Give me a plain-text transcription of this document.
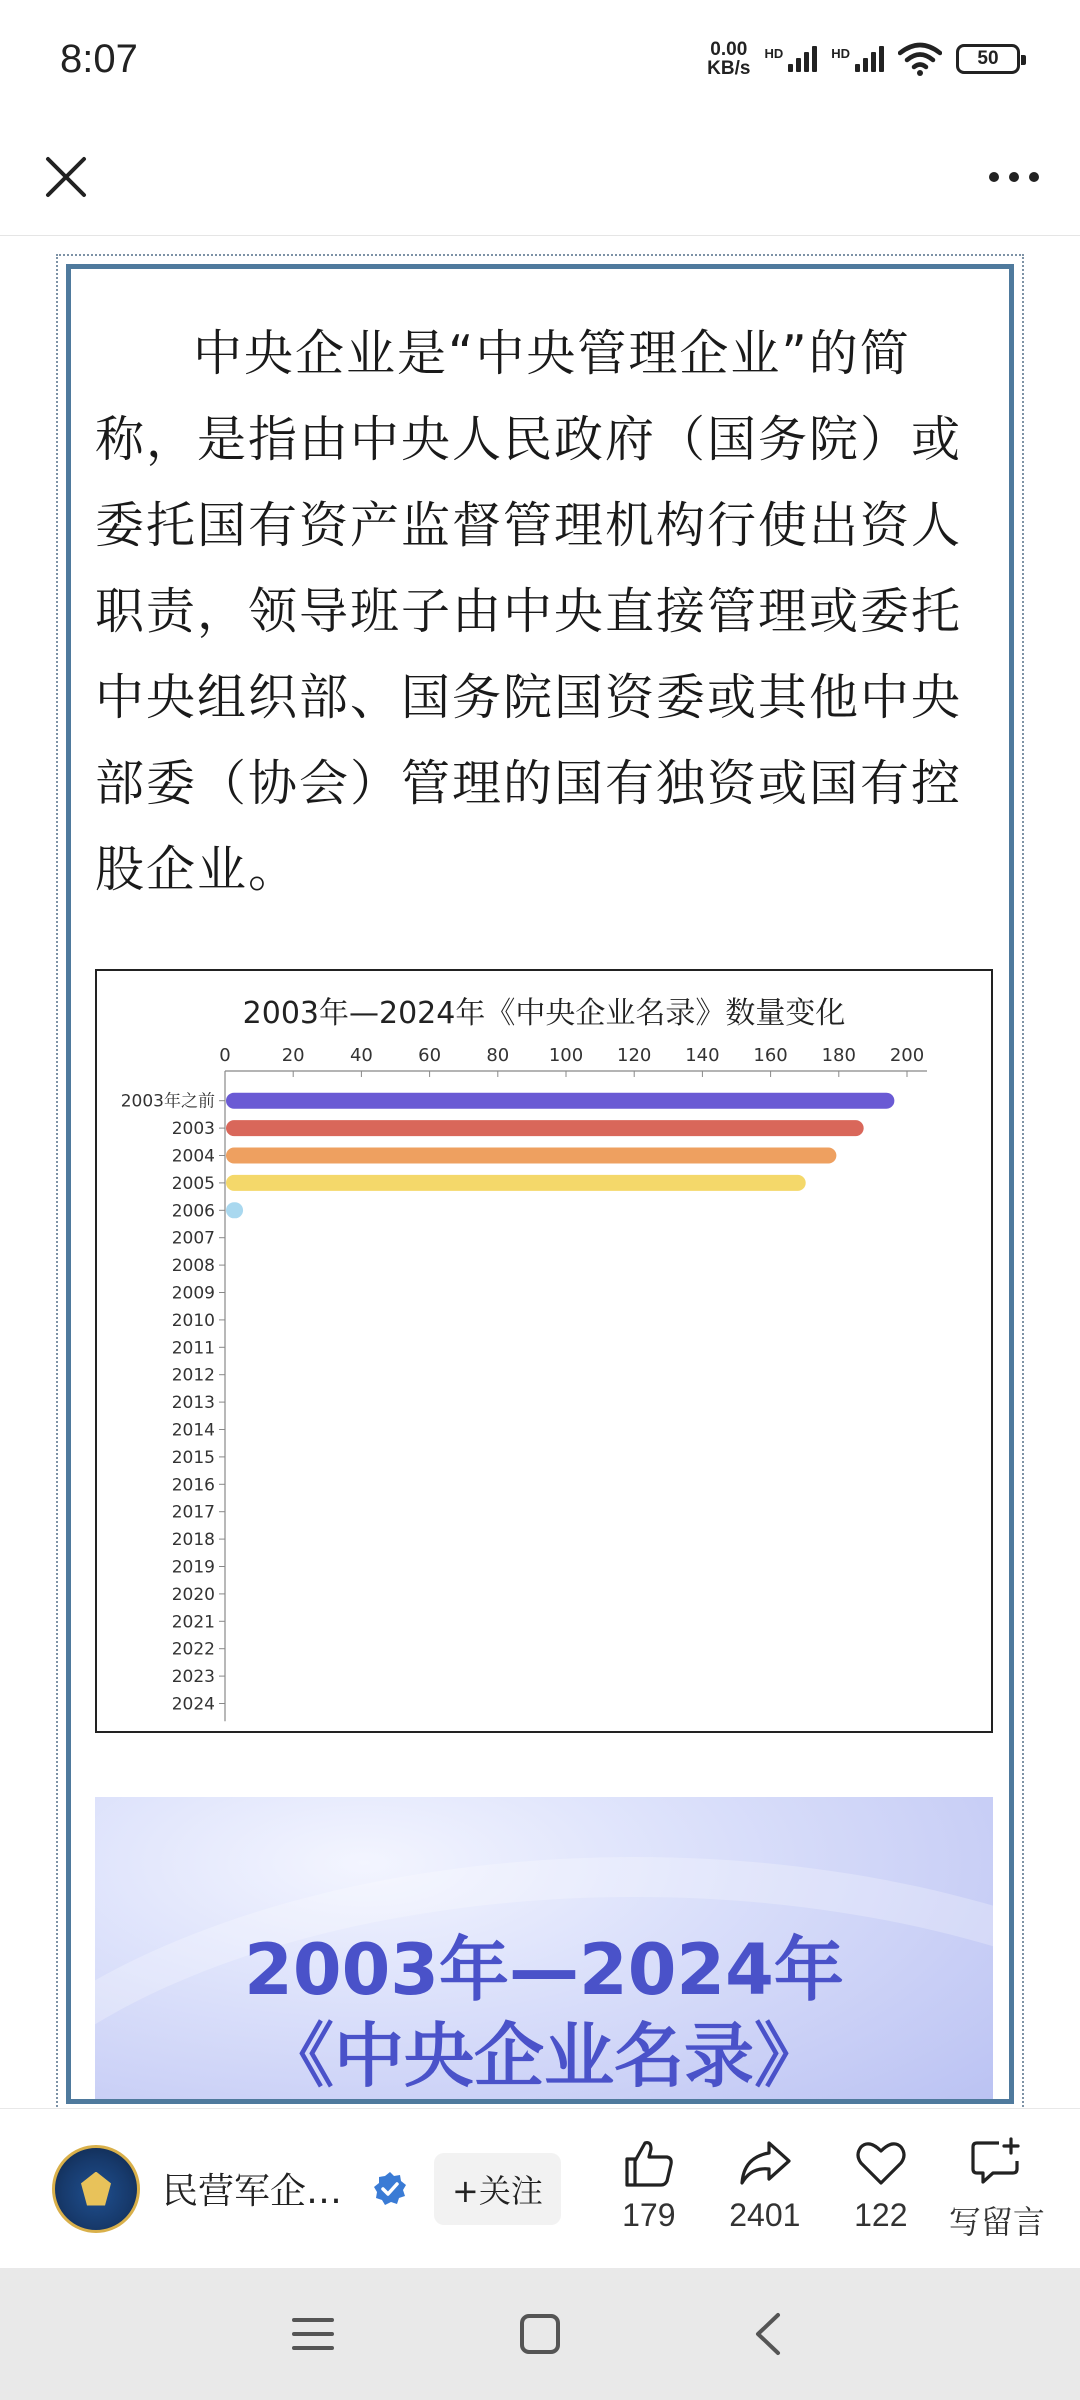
8:07	0.00
KB/s
HD	HD	50

中央企业是“中央管理企业”的简称，是指由中央人民政府（国务院）或委托国有资产监督管理机构行使出资人职责，领导班子由中央直接管理或委托中央组织部、国务院国资委或其他中央部委（协会）管理的国有独资或国有控股企业。

2003年—2024年《中央企业名录》数量变化
0	20	40	60	80 100 120 140 160 180 200
2003年之前
2003
2004
2005
2006
2007
2008
2009
2010
2011
2012
2013
2014
2015
2016
2017
2018
2019
2020
2021
2022
2023
2024
2003年—2024年
《中央企业名录》
民营军企…	+关注
179 2401 122 写留言
